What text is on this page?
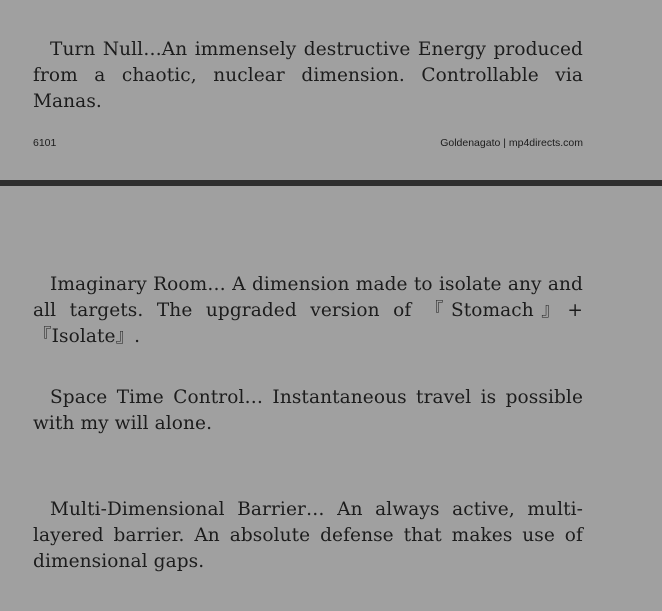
Turn Null…An immensely destructive Energy produced from a chaotic, nuclear dimension. Controllable via Manas.

6101	Goldenagato | mp4directs.com

Imaginary Room… A dimension made to isolate any and all targets. The upgraded version of 『Stomach』+『Isolate』.

Space Time Control… Instantaneous travel is possible with my will alone.

Multi-Dimensional Barrier… An always active, multi-layered barrier. An absolute defense that makes use of dimensional gaps.
